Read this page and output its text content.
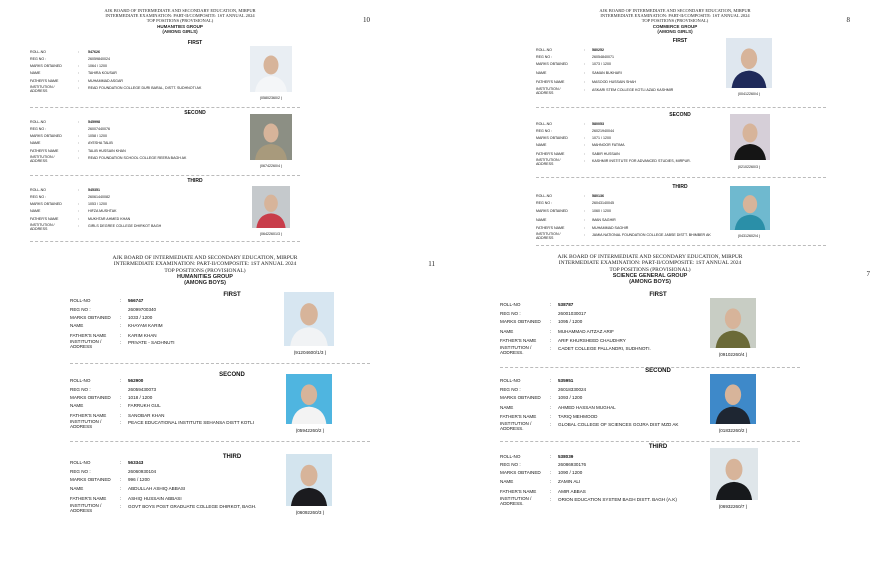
10
AJK BOARD OF INTERMEDIATE AND SECONDARY EDUCATION, MIRPUR
INTERMEDIATE EXAMINATION: PART-II/COMPOSITE: 1ST ANNUAL 2024
TOP POSITIONS (PROVISIONAL)
HUMANITIES GROUP
(AMONG GIRLS)
FIRST
ROLL-NO	:	547626
REG NO :	26059840024
MARKS OBTAINED	:	1064 / 1200
NAME	:	TAHIRA KOUSAR
FATHER'S NAME	:	MUHAMMAD ASGAR
INSTITUTION / ADDRESS
:	READ FOUNDATION COLLEGE DURI BARAL, DISTT. SUDHNOTI AK
(05802360/2 )
SECOND
ROLL-NO	:	545998
REG NO :	26007440076
MARKS OBTAINED	:	1058 / 1200
NAME	:	AYESHA TALIB
FATHER'S NAME	:	TALIB HUSSAIN KHAN
INSTITUTION / ADDRESS
:	READ FOUNDATION SCHOOL COLLEGE REERA BAGH AK
(06742260/4 )
THIRD
ROLL-NO	:	545351
REG NO :	26061440082
MARKS OBTAINED	:	1053 / 1200
NAME	:	HIFZA MUSHTAK
FATHER'S NAME	:	MUKHTAR AHMED KHAN
INSTITUTION / ADDRESS
:	GIRLS DEGREE COLLEGE DHIRKOT BAGH
(06422601/3 )
8
AJK BOARD OF INTERMEDIATE AND SECONDARY EDUCATION, MIRPUR
INTERMEDIATE EXAMINATION: PART-II/COMPOSITE: 1ST ANNUAL 2024
TOP POSITIONS (PROVISIONAL)
COMMERCE GROUP
(AMONG GIRLS)
FIRST
ROLL-NO	: 580252
REG NO :	26054840071
MARKS OBTAINED	: 1073 / 1200
NAME	: SAMAN BUKHARI
FATHER'S NAME	: MASOOD HUSSAIN SHAH
INSTITUTION / ADDRESS
: ASKARI STEM COLLEGE KOTLI AZAD KASHMIR
(00412260/4 )
SECOND
ROLL-NO	: 580053
REG NO :	26021940044
MARKS OBTAINED	: 1071 / 1200
NAME	: MAHNOOR FATIMA
FATHER'S NAME	: SABIR HUSSAIN
INSTITUTION / ADDRESS
: KASHMIR INSTITUTE FOR ADVANCED STUDIES, MIRPUR.
(02102260/3 )
THIRD
ROLL-NO	: 580136
REG NO :	26043140045
MARKS OBTAINED	: 1060 / 1200
NAME	: IMAN SAGHIR
FATHER'S NAME	: MUHAMMAD SAGHIR
INSTITUTION / ADDRESS
: JAMIA NATIONAL FOUNDATION COLLEGE JABSE DISTT. BHIMBER AK	(04312602/4 )
11
AJK BOARD OF INTERMEDIATE AND SECONDARY EDUCATION, MIRPUR
INTERMEDIATE EXAMINATION: PART-II/COMPOSITE: 1ST ANNUAL 2024
TOP POSITIONS (PROVISIONAL)
HUMANITIES GROUP
(AMONG BOYS)
FIRST
ROLL-NO	: 566747
REG NO :	26099700340
MARKS OBTAINED : 1033 / 1200
NAME	: KHAYAM KARIM
FATHER'S NAME	: KARIM KHAN
INSTITUTION / ADDRESS
: PRIVATE - SADHNUTI
(91204600/1/3 )
SECOND
ROLL-NO	: 562900
REG NO :	26059430073
MARKS OBTAINED : 1018 / 1200
NAME	: FARRUKH GUL
FATHER'S NAME	: SANOBAR KHAN
INSTITUTION / ADDRESS
: PEACE EDUCATIONAL INSTITUTE SEHANSA DISTT KOTLI
(05942260/2 )
THIRD
ROLL-NO	: 563343
REG NO :	26060930104
MARKS OBTAINED : 996 / 1200
NAME	: ABDULLAH ASHIQ ABBASI
FATHER'S NAME	: ASHIQ HUSSAIN ABBASI
INSTITUTION / ADDRESS
: GOVT BOYS POST GRADUATE COLLEGE DHIRKOT, BAGH.
(06092260/3 )
7
AJK BOARD OF INTERMEDIATE AND SECONDARY EDUCATION, MIRPUR
INTERMEDIATE EXAMINATION: PART-II/COMPOSITE: 1ST ANNUAL 2024
TOP POSITIONS (PROVISIONAL)
SCIENCE GENERAL GROUP
(AMONG BOYS)
FIRST
ROLL-NO	: 538787
REG NO :	26001030017
MARKS OBTAINED : 1095 / 1200
NAME	: MUHAMMAD AITZAZ ARIF
FATHER'S NAME	: ARIF KHURSHEED CHAUDHRY
INSTITUTION / ADDRESS.
: CADET COLLEGE PALLANDRI, SUDHNOTI.
(09102260/4 )
SECOND
ROLL-NO	: 535951
REG NO :	26018330024
MARKS OBTAINED : 1093 / 1200
NAME	: AHMED HASSAN MUGHAL
FATHER'S NAME	: TARIQ MEHMOOD
INSTITUTION / ADDRESS.
: GLOBAL COLLEGE OF SCIENCES GOJRA DIST MZD AK
(01832260/2 )
THIRD
ROLL-NO	: 538039
REG NO :	26086930176
MARKS OBTAINED : 1090 / 1200
NAME	: ZAMIN ALI
FATHER'S NAME	: AMIR ABBAS
INSTITUTION / ADDRESS.
: ORION EDUCATION SYSTEM BAGH DISTT. BAGH (A.K)
(06932260/7 )
